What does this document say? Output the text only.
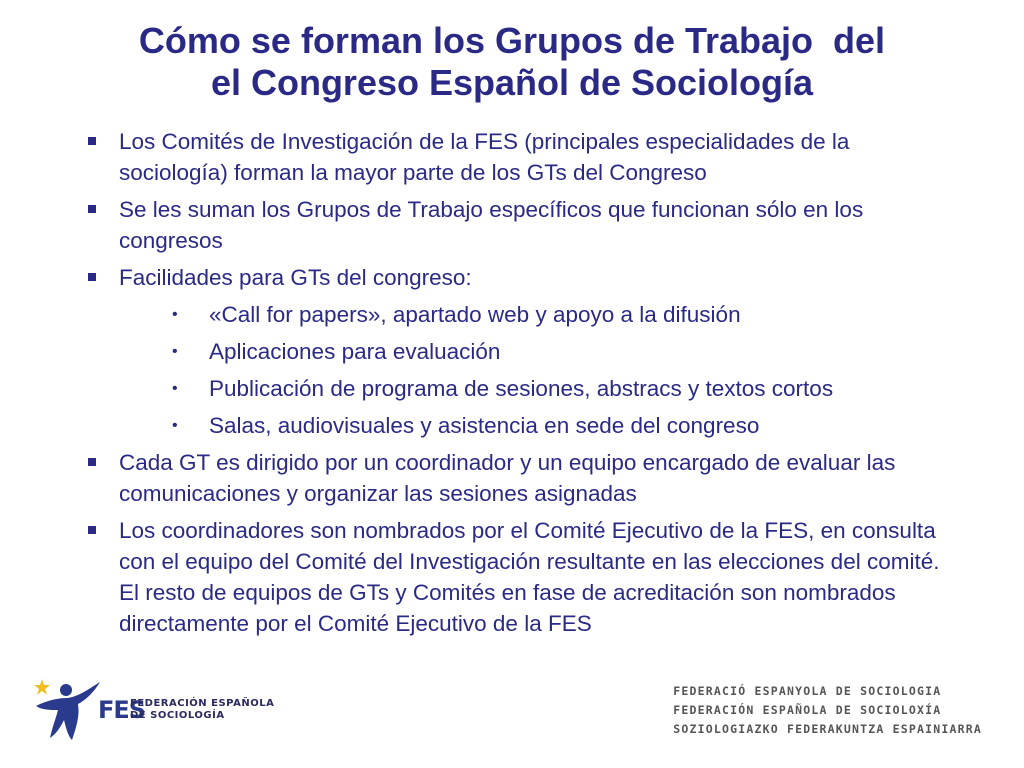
Cómo se forman los Grupos de Trabajo  del
el Congreso Español de Sociología
Los Comités de Investigación de la FES (principales especialidades de la sociología) forman la mayor parte de los GTs del Congreso
Se les suman los Grupos de Trabajo específicos que funcionan sólo en los congresos
Facilidades para GTs del congreso:
• «Call for papers», apartado web y apoyo a la difusión
• Aplicaciones para evaluación
• Publicación de programa de sesiones, abstracs y textos cortos
• Salas, audiovisuales y asistencia en sede del congreso
Cada GT es dirigido por un coordinador y un equipo encargado de evaluar las comunicaciones y organizar las sesiones asignadas
Los coordinadores son nombrados por el Comité Ejecutivo de la FES, en consulta con el equipo del Comité del Investigación resultante en las elecciones del comité. El resto de equipos de GTs y Comités en fase de acreditación son nombrados directamente por el Comité Ejecutivo de la FES
FES
FEDERACIÓN ESPAÑOLA
DE SOCIOLOGÍA
FEDERACIÓ ESPANYOLA DE SOCIOLOGIA
FEDERACIÓN ESPAÑOLA DE SOCIOLOXÍA
SOZIOLOGIAZKO FEDERAKUNTZA ESPAINIARRA
